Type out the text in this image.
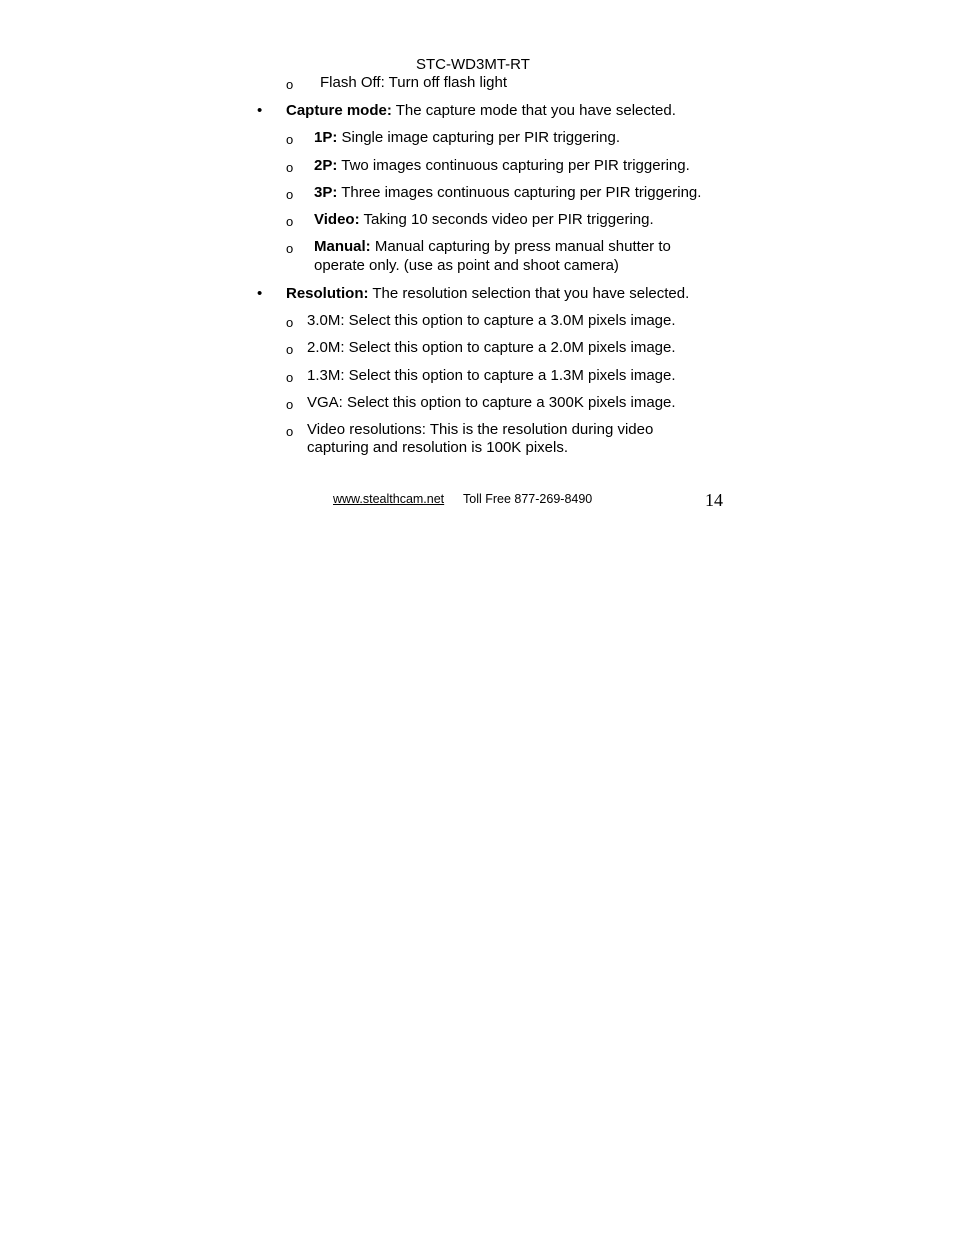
STC-WD3MT-RT
o Flash Off: Turn off flash light
• Capture mode: The capture mode that you have selected.
o 1P: Single image capturing per PIR triggering.
o 2P: Two images continuous capturing per PIR triggering.
o 3P: Three images continuous capturing per PIR triggering.
o Video: Taking 10 seconds video per PIR triggering.
o Manual: Manual capturing by press manual shutter to
operate only. (use as point and shoot camera)
• Resolution: The resolution selection that you have selected.
o 3.0M: Select this option to capture a 3.0M pixels image.
o 2.0M: Select this option to capture a 2.0M pixels image.
o 1.3M: Select this option to capture a 1.3M pixels image.
o VGA: Select this option to capture a 300K pixels image.
o Video resolutions: This is the resolution during video
capturing and resolution is 100K pixels.
www.stealthcam.net Toll Free 877-269-8490	14
